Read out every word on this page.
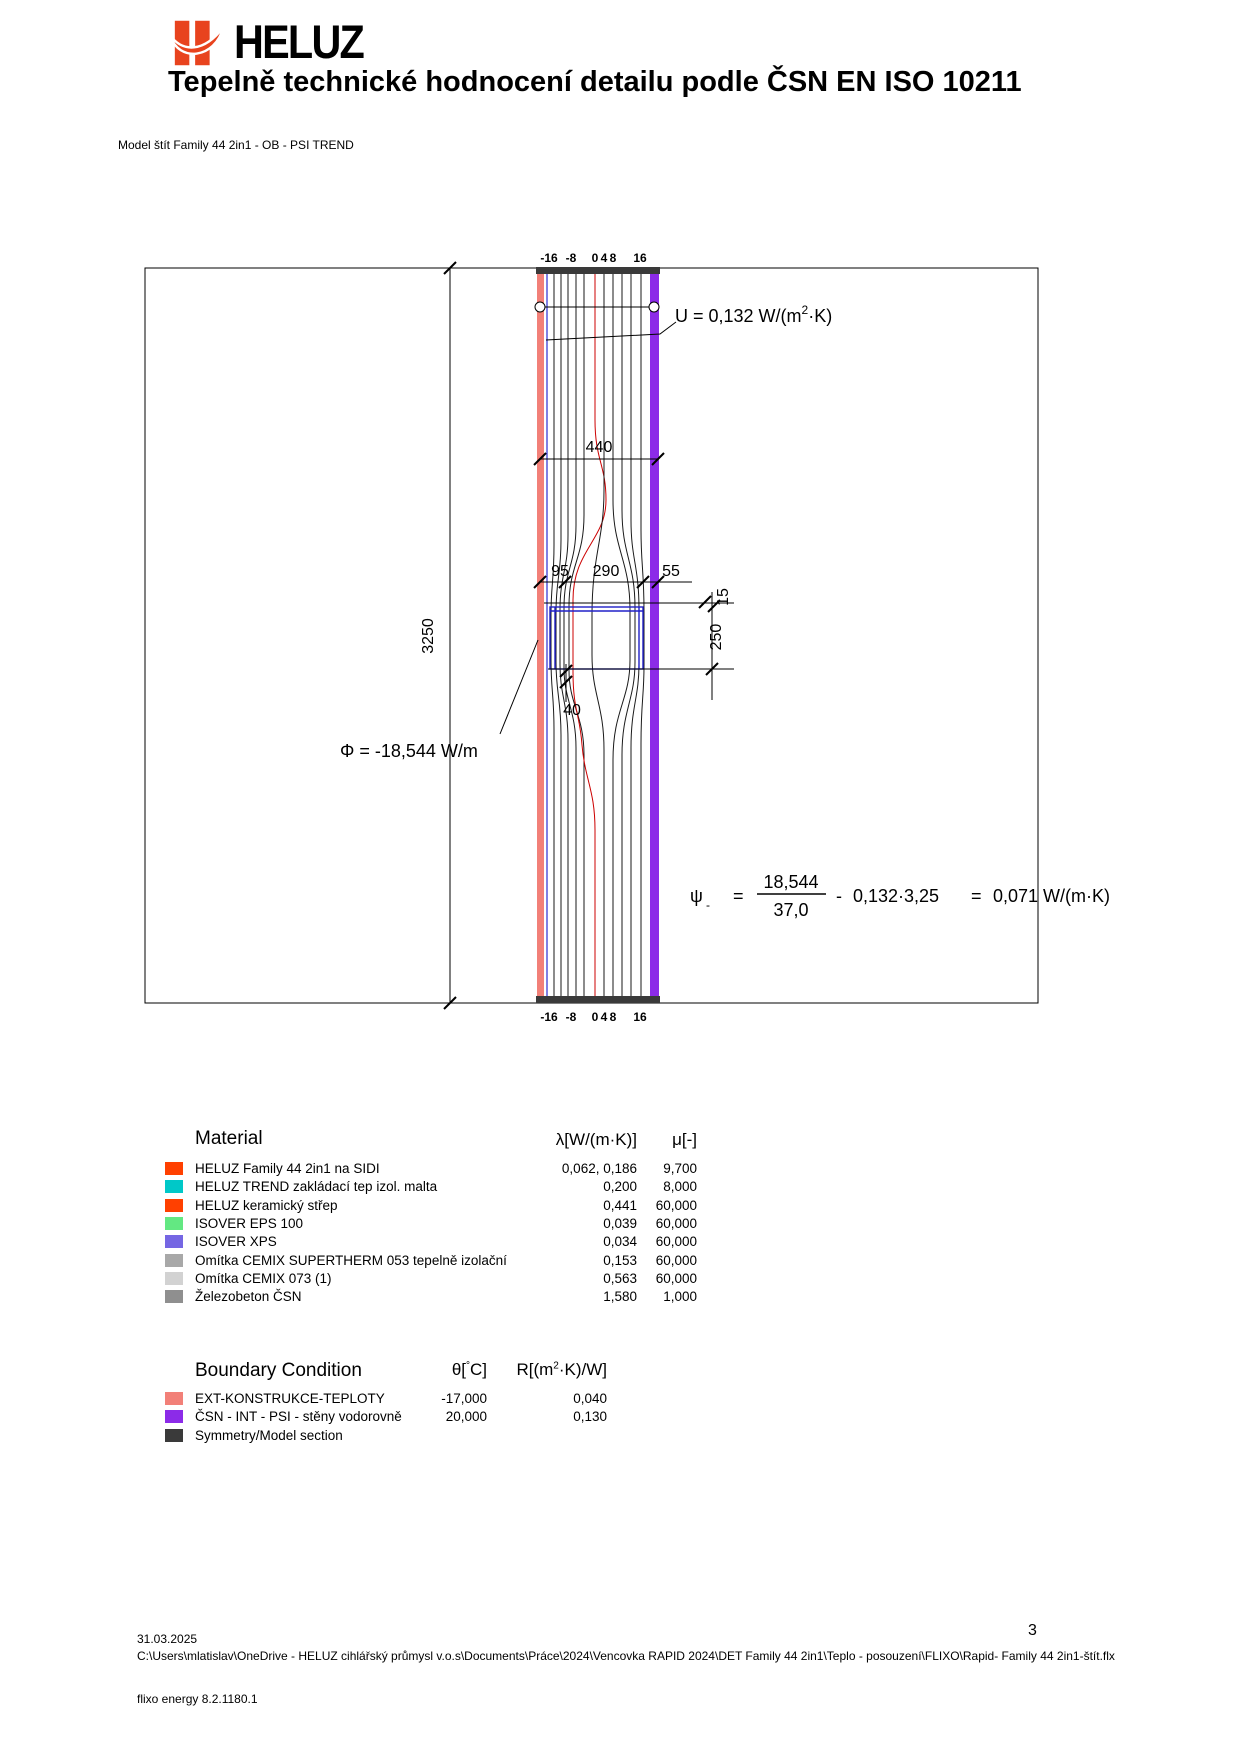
HELUZ
Tepelně technické hodnocení detailu podle ČSN EN ISO 10211
Model štít Family 44 2in1 - OB - PSI TREND
-16 -8 0 4 8 16
-16 -8 0 4 8 16
3250
440
95 290	55
15
250
40
U = 0,132 $W/(m^2\cdot K)$
Φ = -18,544 W/m
ψ - =
18,544
37,0
- 0,132·3,25 = 0,071 W/(m·K)
Material	λ[W/(m·K)]	μ[-]
HELUZ Family 44 2in1 na SIDI	0,062, 0,186	9,700
HELUZ TREND zakládací tep izol. malta	0,200	8,000
HELUZ keramický střep	0,441	60,000
ISOVER EPS 100	0,039	60,000
ISOVER XPS	0,034	60,000
Omítka CEMIX SUPERTHERM 053 tepelně izolační	0,153	60,000
Omítka CEMIX 073 (1)	0,563	60,000
Železobeton ČSN	1,580	1,000
Boundary Condition	θ[°C]	$R[(m^2\cdot K)/W]$
EXT-KONSTRUKCE-TEPLOTY	-17,000	0,040
ČSN - INT - PSI - stěny vodorovně	20,000	0,130
Symmetry/Model section
31.03.2025
C:\Users\mlatislav\OneDrive - HELUZ cihlářský průmysl v.o.s\Documents\Práce\2024\Vencovka RAPID 2024\DET Family 44 2in1\Teplo - posouzení\FLIXO\Rapid- Family 44 2in1-štít.flx
3
flixo energy 8.2.1180.1
